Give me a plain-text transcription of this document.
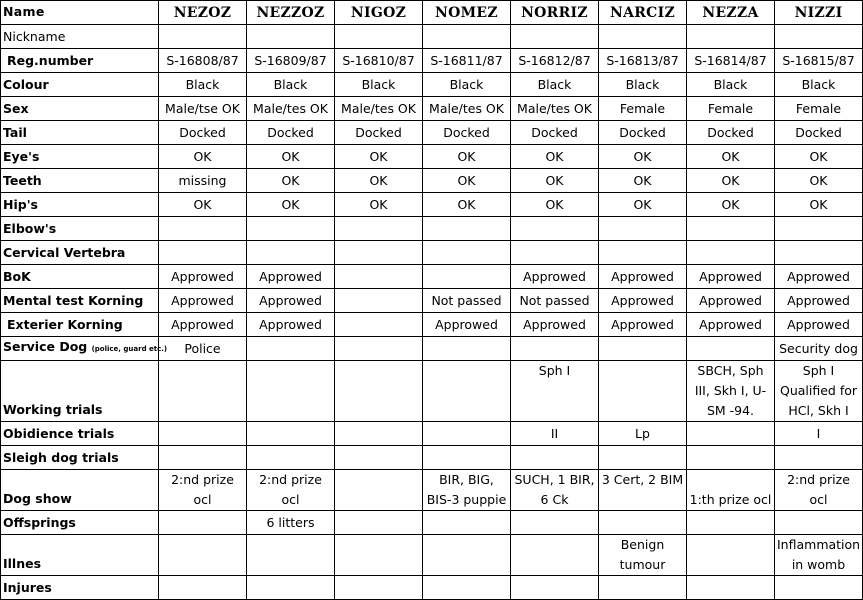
Name	NEZOZ	NEZZOZ	NIGOZ	NOMEZ	NORRIZ	NARCIZ	NEZZA	NIZZI
Nickname								
Reg.number	S-16808/87	S-16809/87	S-16810/87	S-16811/87	S-16812/87	S-16813/87	S-16814/87	S-16815/87
Colour	Black	Black	Black	Black	Black	Black	Black	Black
Sex	Male/tse OK	Male/tes OK	Male/tes OK	Male/tes OK	Male/tes OK	Female	Female	Female
Tail	Docked	Docked	Docked	Docked	Docked	Docked	Docked	Docked
Eye's	OK	OK	OK	OK	OK	OK	OK	OK
Teeth	missing	OK	OK	OK	OK	OK	OK	OK
Hip's	OK	OK	OK	OK	OK	OK	OK	OK
Elbow's								
Cervical Vertebra								
BoK	Approwed	Approwed			Approwed	Approwed	Approwed	Approwed
Mental test Korning	Approwed	Approwed		Not passed	Not passed	Approwed	Approwed	Approwed
Exterier Korning	Approwed	Approwed		Approwed	Approwed	Approwed	Approwed	Approwed
Service Dog (police, guard etc.)	Police							Security dog
Working trials					Sph I		SBCH, Sph III, Skh I, U-SM -94.	Sph I Qualified for HCl, Skh I
Obidience trials					II	Lp		I
Sleigh dog trials								
Dog show	2:nd prize ocl	2:nd prize ocl		BIR, BIG, BIS-3 puppie	SUCH, 1 BIR, 6 Ck	3 Cert, 2 BIM	1:th prize ocl	2:nd prize ocl
Offsprings		6 litters						
Illnes						Benign tumour		Inflammation in womb
Injures								
